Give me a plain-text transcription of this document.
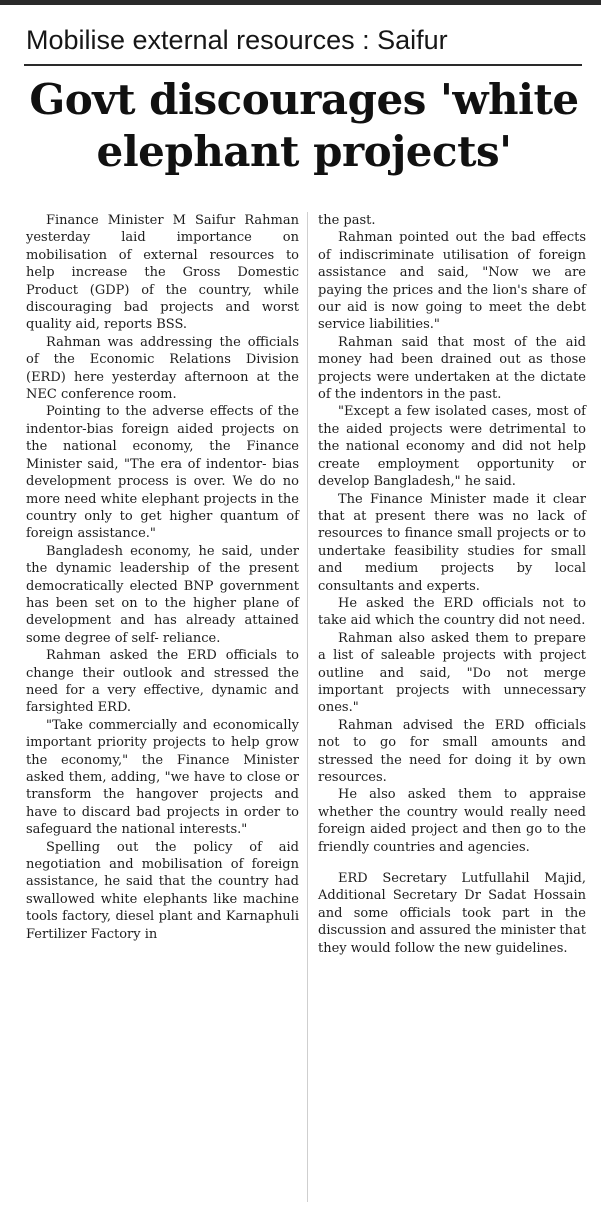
Mobilise external resources : Saifur
Govt discourages 'white elephant projects'

Finance Minister M Saifur Rahman yesterday laid importance on mobilisation of external resources to help increase the Gross Domestic Product (GDP) of the country, while discouraging bad projects and worst quality aid, reports BSS.

Rahman was addressing the officials of the Economic Relations Division (ERD) here yesterday afternoon at the NEC conference room.

Pointing to the adverse effects of the indentor-bias foreign aided projects on the national economy, the Finance Minister said, "The era of indentor- bias development process is over. We do no more need white elephant projects in the country only to get higher quantum of foreign assistance."

Bangladesh economy, he said, under the dynamic leadership of the present democratically elected BNP government has been set on to the higher plane of development and has already attained some degree of self- reliance.

Rahman asked the ERD officials to change their outlook and stressed the need for a very effective, dynamic and farsighted ERD.

"Take commercially and economically important priority projects to help grow the economy," the Finance Minister asked them, adding, "we have to close or transform the hangover projects and have to discard bad projects in order to safeguard the national interests."

Spelling out the policy of aid negotiation and mobilisation of foreign assistance, he said that the country had swallowed white elephants like machine tools factory, diesel plant and Karnaphuli Fertilizer Factory in

the past.

Rahman pointed out the bad effects of indiscriminate utilisation of foreign assistance and said, "Now we are paying the prices and the lion's share of our aid is now going to meet the debt service liabilities."

Rahman said that most of the aid money had been drained out as those projects were undertaken at the dictate of the indentors in the past.

"Except a few isolated cases, most of the aided projects were detrimental to the national economy and did not help create employment opportunity or develop Bangladesh," he said.

The Finance Minister made it clear that at present there was no lack of resources to finance small projects or to undertake feasibility studies for small and medium projects by local consultants and experts.

He asked the ERD officials not to take aid which the country did not need.

Rahman also asked them to prepare a list of saleable projects with project outline and said, "Do not merge important projects with unnecessary ones."

Rahman advised the ERD officials not to go for small amounts and stressed the need for doing it by own resources.

He also asked them to appraise whether the country would really need foreign aided project and then go to the friendly countries and agencies.

ERD Secretary Lutfullahil Majid, Additional Secretary Dr Sadat Hossain and some officials took part in the discussion and assured the minister that they would follow the new guidelines.
